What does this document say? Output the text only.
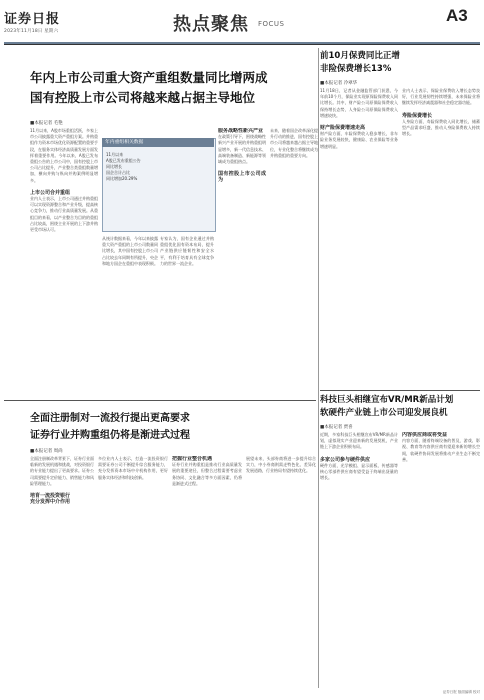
证券日报
2023年11月18日 星期六	热点聚焦 FOCUS	A3
年内上市公司重大资产重组数量同比增两成
国有控股上市公司将越来越占据主导地位
■本报记者 毛艳
11月以来，A股市场重组活跃，多家上市公司披露重大资产重组方案。并购重组作为资本市场优化资源配置的重要手段，在服务实体经济高质量发展方面发挥着重要作用。今年以来，A股已发布重组公告的上市公司中，国有控股上市公司占比提升，产业整合类重组数量增加，横向并购与纵向并购案例明显增多。
上市公司合并重组
业内人士表示，上市公司通过并购重组可以实现资源整合和产业升级，提高核心竞争力，推动行业高质量发展。从重组目的来看，以产业整合为目的的重组占比较高，围绕主业开展的上下游并购更受市场认可。
年内重组相关数据
11月以来
A股已发布重组公告
同比增长
国企合计占比
同比增加20.29%
从统计数据来看，今年以来披露重大资产重组的上市公司数量同比增长，其中国有控股上市公司占比较去年同期有所提升，央企和地方国企在重组中表现积极。
专家认为，国有企业通过并购重组优化国有资本布局，提升产业链供应链韧性和安全水平，有利于培育具有全球竞争力的世界一流企业。
服务战略性新兴产业
在政策引导下，围绕战略性新兴产业开展的并购重组明显增多，新一代信息技术、高端装备制造、新能源等领域成为重组热点。
国有控股上市公司成为
未来，随着国企改革深化提升行动的推进，国有控股上市公司将越来越占据主导地位，专业化整合将继续成为并购重组的重要方向。
前10月保费同比正增
非险保费增长13%
■本报记者 冷翠华
11月18日，记者从金融监管部门获悉，今年前10个月，保险业实现原保险保费收入同比增长。其中，财产险公司原保险保费收入保持增长态势，人身险公司原保险保费收入增速较快。
财产险保费增速走高
财产险方面，车险保费收入稳步增长，非车险业务发展较快，健康险、农业保险等业务增速明显。
业内人士表示，保险业保费收入增长态势良好，行业发展韧性持续增强，未来保险业将继续发挥经济减震器和社会稳定器功能。
寿险保费增长
人身险方面，寿险保费收入同比增长，储蓄型产品需求旺盛，推动人身险保费收入持续增长。
全面注册制对一流投行提出更高要求
证券行业并购重组仍将是渐进式过程
■本报记者 周尚
全面注册制改革背景下，证券行业面临新的发展机遇和挑战，对投资银行的专业能力提出了更高要求。证券公司需要提升定价能力、销售能力和风险管理能力。
培育一流投资银行
充分发挥中介作用
多位业内人士表示，打造一流投资银行需要证券公司不断提升综合服务能力，充分发挥资本市场中介机构作用，更好服务实体经济和科技创新。
把握行业整合机遇
证券行业并购重组是推动行业高质量发展的重要途径，但整合过程需要考虑业务协同、文化融合等多方面因素，仍将是渐进式过程。
展望未来，头部券商将进一步提升综合实力，中小券商则需走特色化、差异化发展道路，行业格局有望持续优化。
科技巨头相继宣布VR/MR新品计划
软硬件产业链上市公司迎发展良机
■本报记者 贾喜
近期，多家科技巨头相继宣布VR/MR新品计划，虚拟现实产业迎来新的发展契机，产业链上下游企业积极布局。
多家公司参与硬件供应
硬件方面，光学模组、显示面板、传感器等核心零部件供应商有望受益于终端出货量的增长。
内容供应商或将受益
内容方面，随着终端设备的普及，游戏、影视、教育等内容供应商有望迎来新的增长空间，软硬件协同发展将推动产业生态不断完善。
证券日报 版面编辑 校对
